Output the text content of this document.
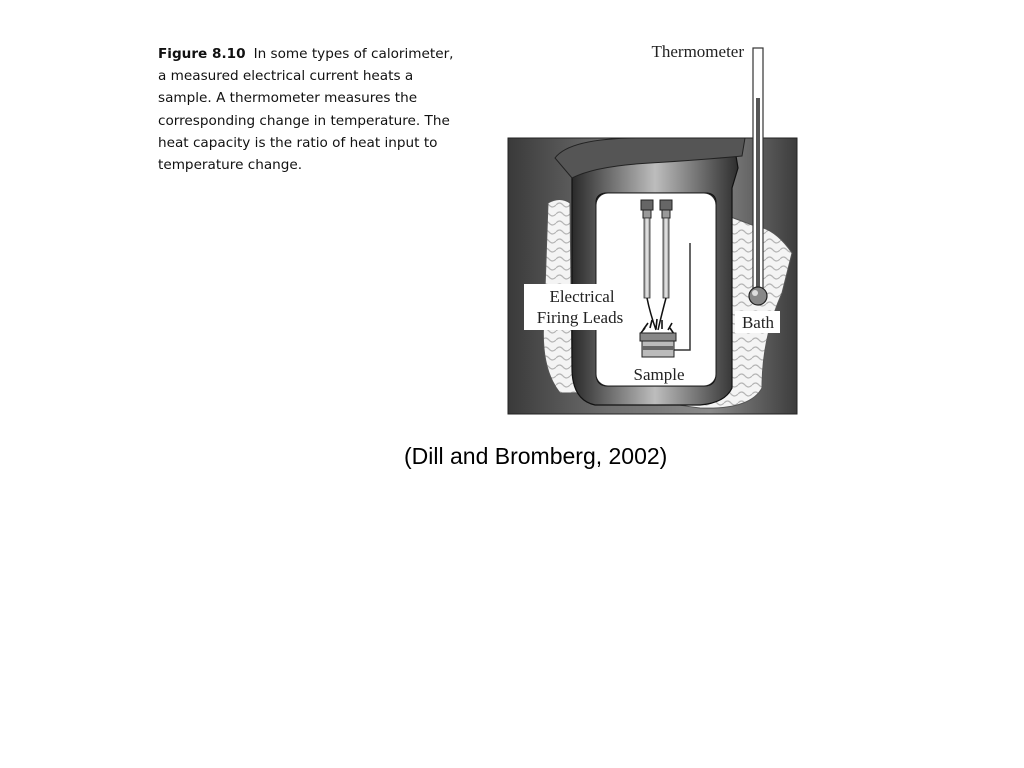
Figure 8.10 In some types of calorimeter, a measured electrical current heats a sample. A thermometer measures the corresponding change in temperature. The heat capacity is the ratio of heat input to temperature change.
Thermometer
Electrical
Firing Leads	Bath
Sample
(Dill and Bromberg, 2002)
